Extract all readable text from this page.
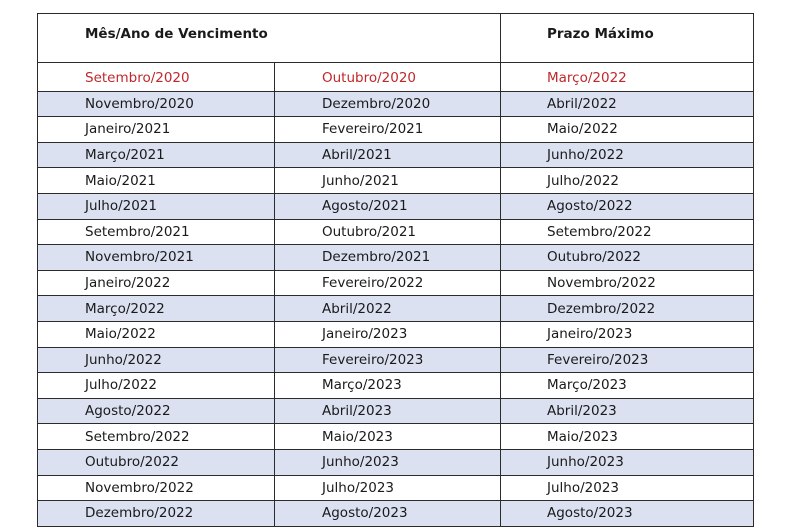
Mês/Ano de Vencimento		Prazo Máximo
Setembro/2020	Outubro/2020	Março/2022
Novembro/2020	Dezembro/2020	Abril/2022
Janeiro/2021	Fevereiro/2021	Maio/2022
Março/2021	Abril/2021	Junho/2022
Maio/2021	Junho/2021	Julho/2022
Julho/2021	Agosto/2021	Agosto/2022
Setembro/2021	Outubro/2021	Setembro/2022
Novembro/2021	Dezembro/2021	Outubro/2022
Janeiro/2022	Fevereiro/2022	Novembro/2022
Março/2022	Abril/2022	Dezembro/2022
Maio/2022	Janeiro/2023	Janeiro/2023
Junho/2022	Fevereiro/2023	Fevereiro/2023
Julho/2022	Março/2023	Março/2023
Agosto/2022	Abril/2023	Abril/2023
Setembro/2022	Maio/2023	Maio/2023
Outubro/2022	Junho/2023	Junho/2023
Novembro/2022	Julho/2023	Julho/2023
Dezembro/2022	Agosto/2023	Agosto/2023
